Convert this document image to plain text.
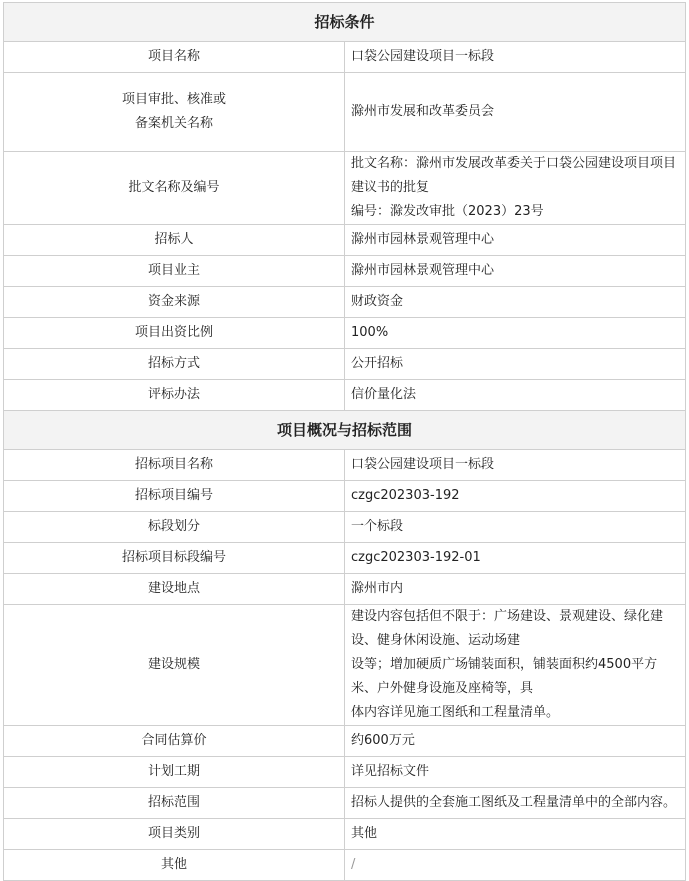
招标条件	
项目名称	口袋公园建设项目一标段

项目审批、核准或
备案机关名称	滁州市发展和改革委员会
批文名称及编号	批文名称：滁州市发展改革委关于口袋公园建设项目项目建议书的批复
编号：滁发改审批（2023）23号

招标人	滁州市园林景观管理中心
项目业主	滁州市园林景观管理中心
资金来源	财政资金
项目出资比例	100%
招标方式	公开招标
评标办法	信价量化法
项目概况与招标范围	
招标项目名称	口袋公园建设项目一标段
招标项目编号	czgc202303-192
标段划分	一个标段
招标项目标段编号	czgc202303-192-01
建设地点	滁州市内
建设规模	建设内容包括但不限于：广场建设、景观建设、绿化建设、健身休闲设施、运动场建
设等；增加硬质广场铺装面积，铺装面积约4500平方米、户外健身设施及座椅等，具
体内容详见施工图纸和工程量清单。

合同估算价	约600万元
计划工期	详见招标文件
招标范围	招标人提供的全套施工图纸及工程量清单中的全部内容。
项目类别	其他
其他	/
